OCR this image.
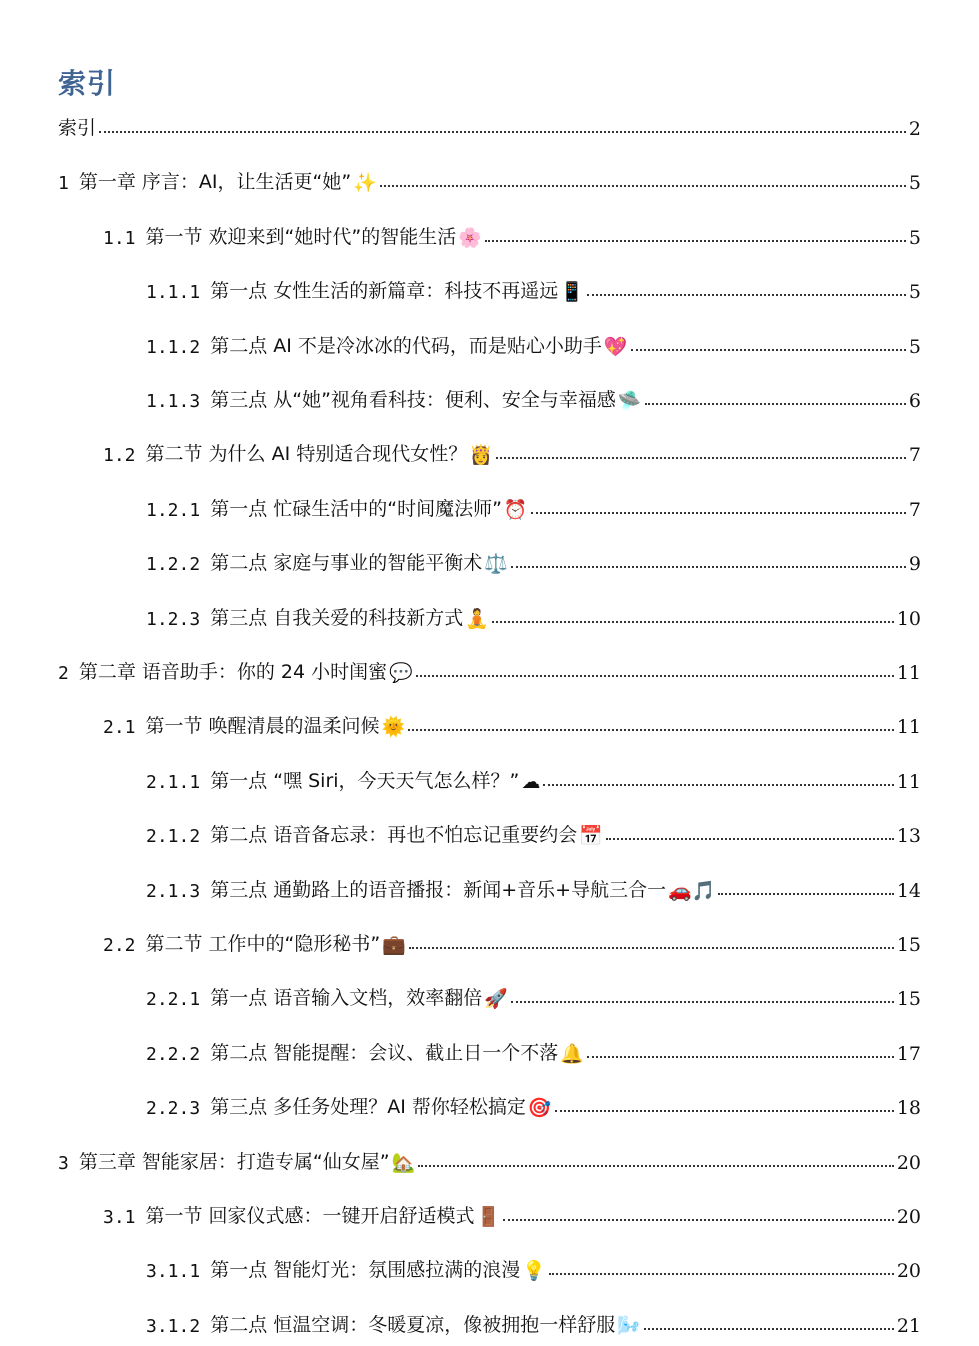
索引
索引	2
1 第一章 序言：AI，让生活更“她” ✨	5
1.1 第一节 欢迎来到“她时代”的智能生活 🌸	5
1.1.1 第一点 女性生活的新篇章：科技不再遥远 📱	5
1.1.2 第二点 AI 不是冷冰冰的代码，而是贴心小助手 💖	5
1.1.3 第三点 从“她”视角看科技：便利、安全与幸福感 🛸	6
1.2 第二节 为什么 AI 特别适合现代女性？ 👸	7
1.2.1 第一点 忙碌生活中的“时间魔法师” ⏰	7
1.2.2 第二点 家庭与事业的智能平衡术 ⚖️	9
1.2.3 第三点 自我关爱的科技新方式 🧘	10
2 第二章 语音助手：你的 24 小时闺蜜 💬	11
2.1 第一节 唤醒清晨的温柔问候 🌞	11
2.1.1 第一点 “嘿 Siri，今天天气怎么样？” ☁	11
2.1.2 第二点 语音备忘录：再也不怕忘记重要约会 📅	13
2.1.3 第三点 通勤路上的语音播报：新闻+音乐+导航三合一 🚗🎵	14
2.2 第二节 工作中的“隐形秘书” 💼	15
2.2.1 第一点 语音输入文档，效率翻倍 🚀	15
2.2.2 第二点 智能提醒：会议、截止日一个不落 🔔	17
2.2.3 第三点 多任务处理？AI 帮你轻松搞定 🎯	18
3 第三章 智能家居：打造专属“仙女屋” 🏡	20
3.1 第一节 回家仪式感：一键开启舒适模式 🚪	20
3.1.1 第一点 智能灯光：氛围感拉满的浪漫 💡	20
3.1.2 第二点 恒温空调：冬暖夏凉，像被拥抱一样舒服 🌬️	21
